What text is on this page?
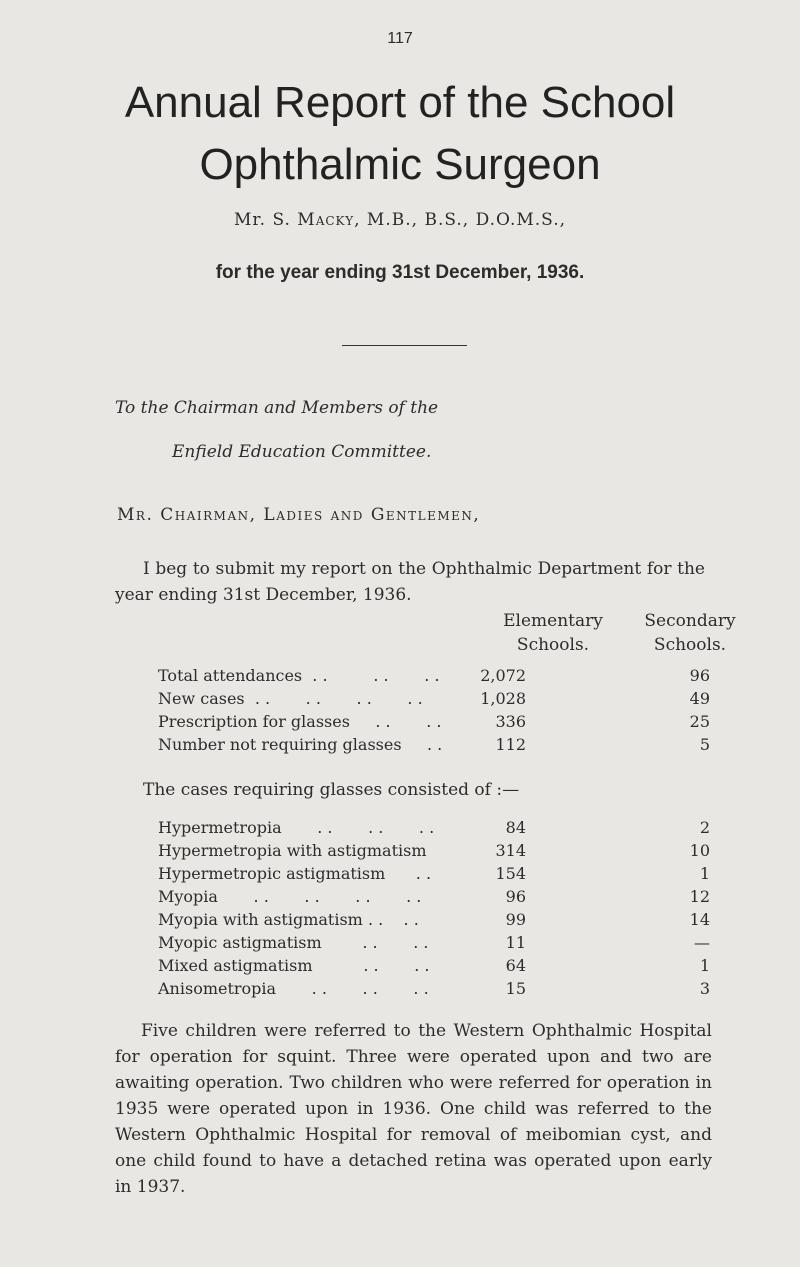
117
Annual Report of the School
Ophthalmic Surgeon
Mr. S. Macky, M.B., B.S., D.O.M.S.,
for the year ending 31st December, 1936.
To the Chairman and Members of the
Enfield Education Committee.
Mr. Chairman, Ladies and Gentlemen,

I beg to submit my report on the Ophthalmic Department for the year ending 31st December, 1936.

Elementary
Schools.
Secondary
Schools.
Total attendances  . .         . .       . .	2,072	96
New cases  . .       . .       . .       . .	1,028	49
Prescription for glasses     . .       . .	336	25
Number not requiring glasses     . .	112	5
The cases requiring glasses consisted of :—
Hypermetropia       . .       . .       . .	84	2
Hypermetropia with astigmatism	314	10
Hypermetropic astigmatism      . .	154	1
Myopia       . .       . .       . .       . .	96	12
Myopia with astigmatism . .    . .	99	14
Myopic astigmatism        . .       . .	11	—
Mixed astigmatism          . .       . .	64	1
Anisometropia       . .       . .       . .	15	3

Five children were referred to the Western Ophthalmic Hospital for operation for squint. Three were operated upon and two are awaiting operation. Two children who were referred for operation in 1935 were operated upon in 1936. One child was referred to the Western Ophthalmic Hospital for removal of meibomian cyst, and one child found to have a detached retina was operated upon early in 1937.
